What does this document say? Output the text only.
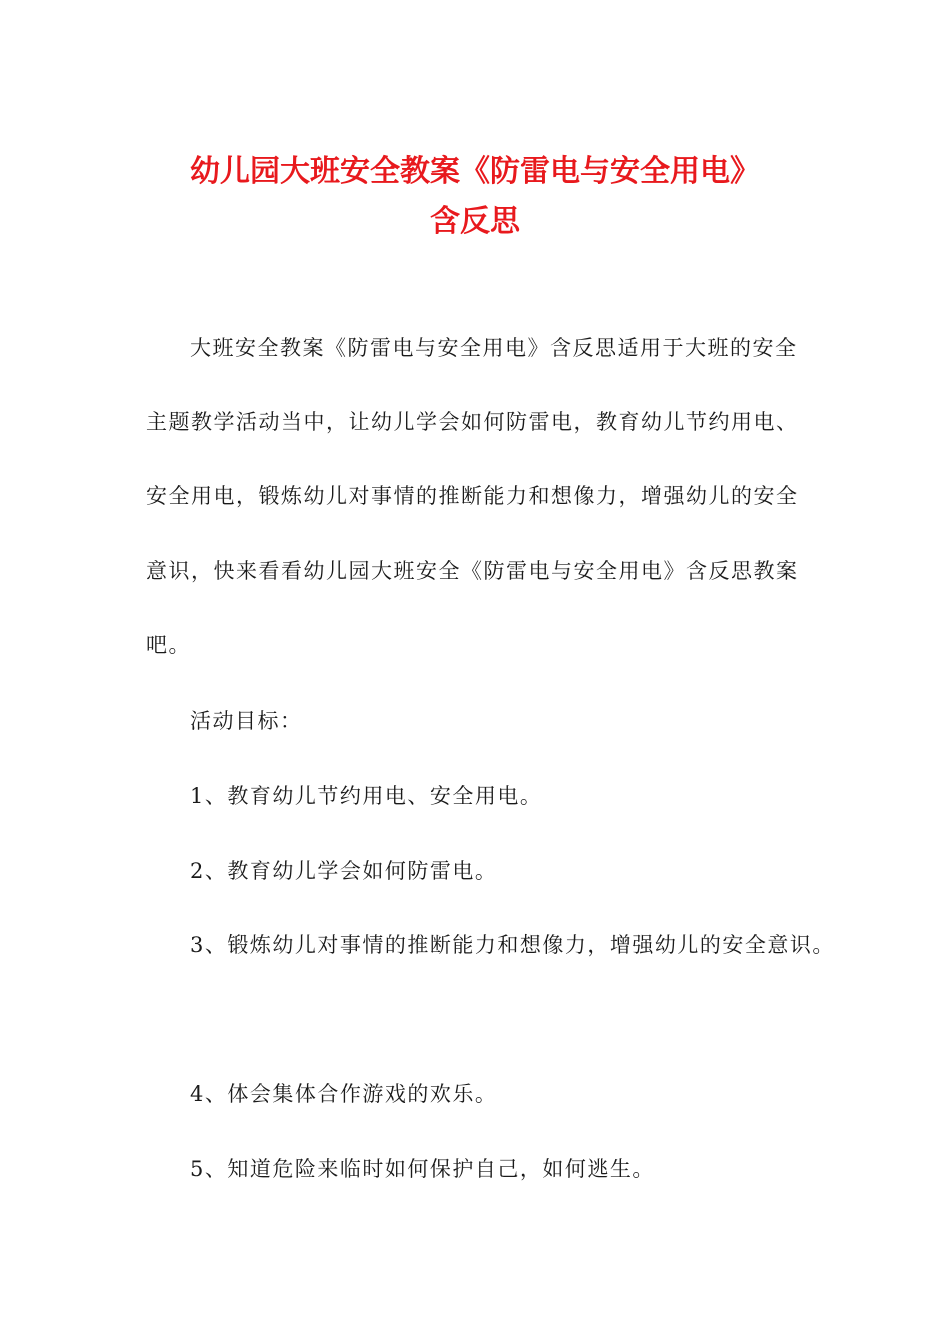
幼儿园大班安全教案《防雷电与安全用电》
含反思
大班安全教案《防雷电与安全用电》含反思适用于大班的安全
主题教学活动当中，让幼儿学会如何防雷电，教育幼儿节约用电、
安全用电，锻炼幼儿对事情的推断能力和想像力，增强幼儿的安全
意识，快来看看幼儿园大班安全《防雷电与安全用电》含反思教案
吧。
活动目标：
1、教育幼儿节约用电、安全用电。
2、教育幼儿学会如何防雷电。
3、锻炼幼儿对事情的推断能力和想像力，增强幼儿的安全意识。
4、体会集体合作游戏的欢乐。
5、知道危险来临时如何保护自己，如何逃生。
